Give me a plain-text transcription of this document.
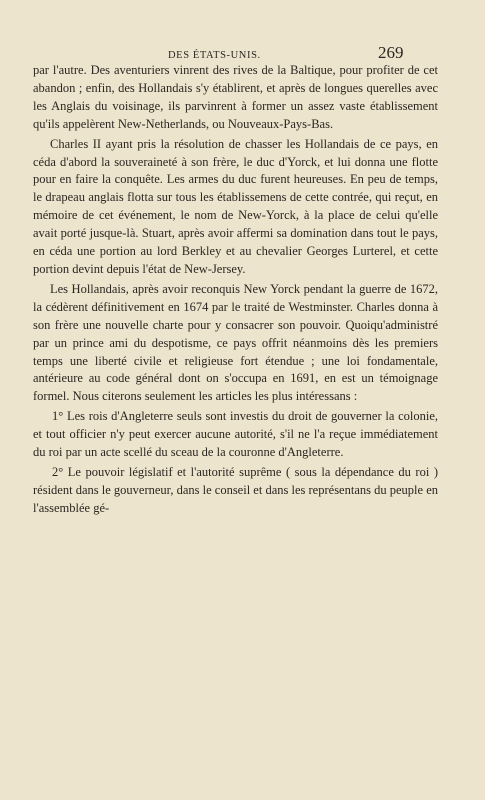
DES ÉTATS-UNIS.	269

par l'autre. Des aventuriers vinrent des rives de la Baltique, pour profiter de cet abandon ; enfin, des Hollandais s'y établirent, et après de longues querelles avec les Anglais du voisinage, ils parvinrent à former un assez vaste établissement qu'ils appelèrent New-Netherlands, ou Nouveaux-Pays-Bas.

Charles II ayant pris la résolution de chasser les Hollandais de ce pays, en céda d'abord la souveraineté à son frère, le duc d'Yorck, et lui donna une flotte pour en faire la conquête. Les armes du duc furent heureuses. En peu de temps, le drapeau anglais flotta sur tous les établissemens de cette contrée, qui reçut, en mémoire de cet événement, le nom de New-Yorck, à la place de celui qu'elle avait porté jusque-là. Stuart, après avoir affermi sa domination dans tout le pays, en céda une portion au lord Berkley et au chevalier Georges Lurterel, et cette portion devint depuis l'état de New-Jersey.

Les Hollandais, après avoir reconquis New Yorck pendant la guerre de 1672, la cédèrent définitivement en 1674 par le traité de Westminster. Charles donna à son frère une nouvelle charte pour y consacrer son pouvoir. Quoiqu'administré par un prince ami du despotisme, ce pays offrit néanmoins dès les premiers temps une liberté civile et religieuse fort étendue ; une loi fondamentale, antérieure au code général dont on s'occupa en 1691, en est un témoignage formel. Nous citerons seulement les articles les plus intéressans :

1° Les rois d'Angleterre seuls sont investis du droit de gouverner la colonie, et tout officier n'y peut exercer aucune autorité, s'il ne l'a reçue immédiatement du roi par un acte scellé du sceau de la couronne d'Angleterre.

2° Le pouvoir législatif et l'autorité suprême ( sous la dépendance du roi ) résident dans le gouverneur, dans le conseil et dans les représentans du peuple en l'assemblée gé-
